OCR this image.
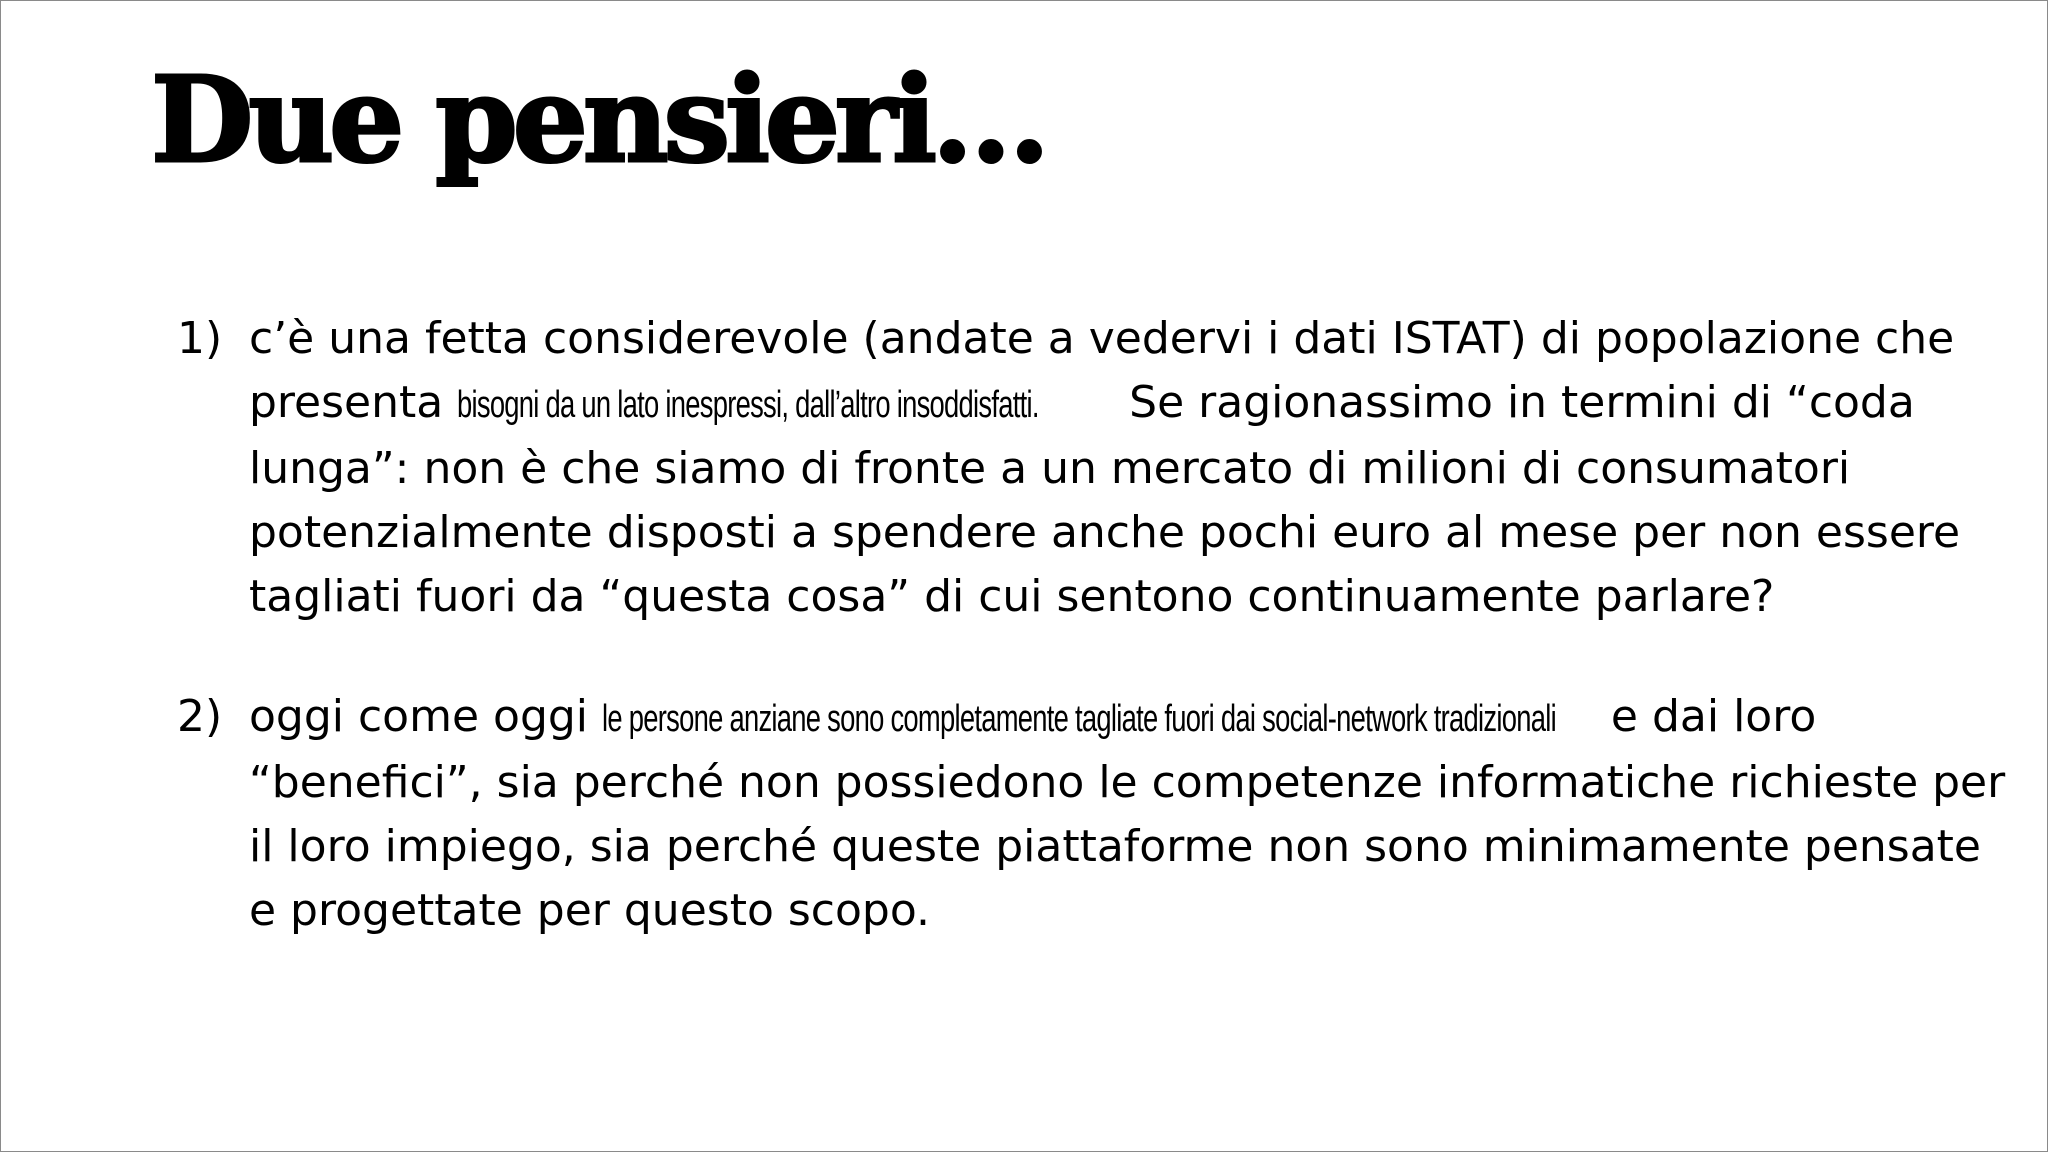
Due pensieri…
1) c’è una fetta considerevole (andate a vedervi i dati ISTAT) di popolazione che presenta bisogni da un lato inespressi, dall’altro insoddisfatti. Se ragionassimo in termini di “coda lunga”: non è che siamo di fronte a un mercato di milioni di consumatori potenzialmente disposti a spendere anche pochi euro al mese per non essere tagliati fuori da “questa cosa” di cui sentono continuamente parlare?
2) oggi come oggi le persone anziane sono completamente tagliate fuori dai social-network tradizionali e dai loro “benefici”, sia perché non possiedono le competenze informatiche richieste per il loro impiego, sia perché queste piattaforme non sono minimamente pensate e progettate per questo scopo.
